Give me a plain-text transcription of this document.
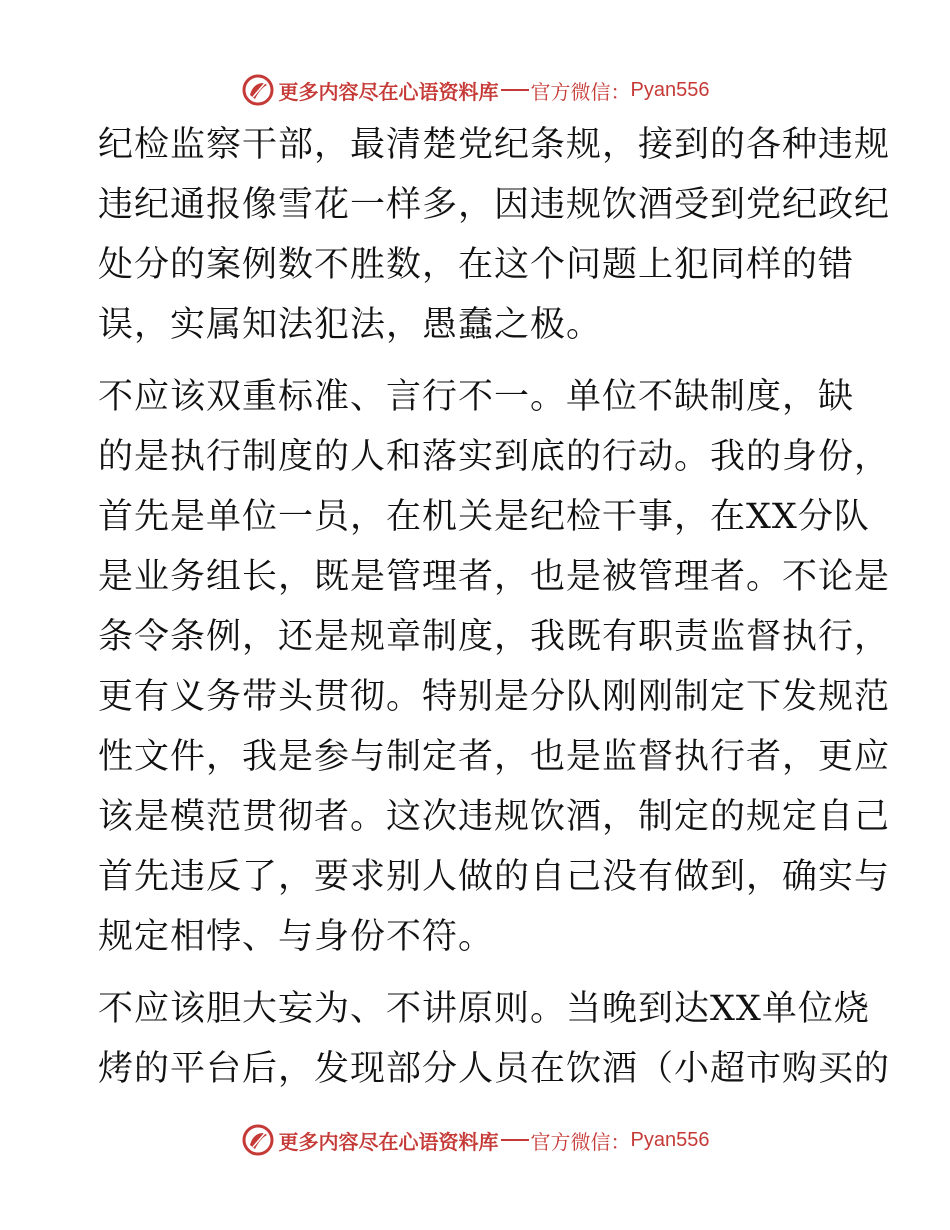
更多内容尽在心语资料库 官方微信： Pyan556
纪检监察干部，最清楚党纪条规，接到的各种违规
违纪通报像雪花一样多，因违规饮酒受到党纪政纪
处分的案例数不胜数，在这个问题上犯同样的错
误，实属知法犯法，愚蠢之极。
不应该双重标准、言行不一。单位不缺制度，缺
的是执行制度的人和落实到底的行动。我的身份，
首先是单位一员，在机关是纪检干事，在XX分队
是业务组长，既是管理者，也是被管理者。不论是
条令条例，还是规章制度，我既有职责监督执行，
更有义务带头贯彻。特别是分队刚刚制定下发规范
性文件，我是参与制定者，也是监督执行者，更应
该是模范贯彻者。这次违规饮酒，制定的规定自己
首先违反了，要求别人做的自己没有做到，确实与
规定相悖、与身份不符。
不应该胆大妄为、不讲原则。当晚到达XX单位烧
烤的平台后，发现部分人员在饮酒（小超市购买的
更多内容尽在心语资料库 官方微信： Pyan556
